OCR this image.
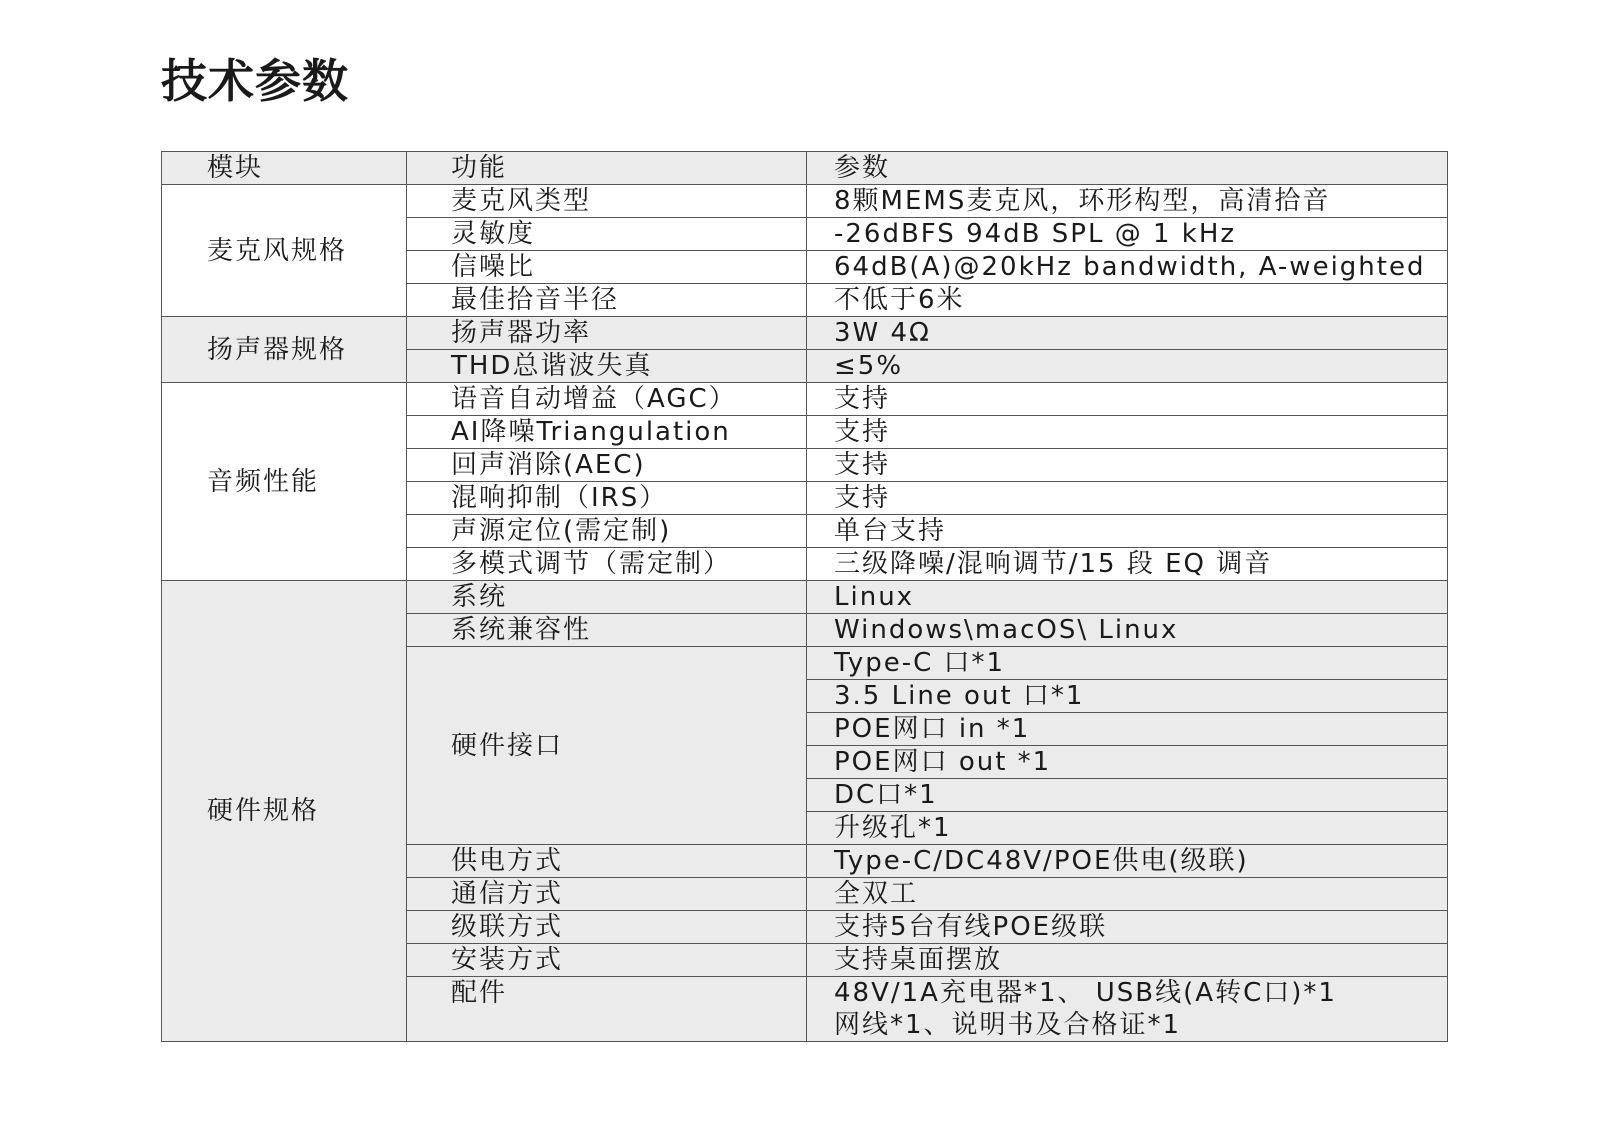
技术参数
模块	功能	参数
麦克风规格	麦克风类型	8颗MEMS麦克风，环形构型，高清拾音
	灵敏度	-26dBFS 94dB SPL @ 1 kHz
	信噪比	64dB(A)@20kHz bandwidth, A-weighted
	最佳拾音半径	不低于6米
扬声器规格	扬声器功率	3W 4Ω
	THD总谐波失真	≤5%
音频性能	语音自动增益（AGC）	支持
	AI降噪Triangulation	支持
	回声消除(AEC)	支持
	混响抑制（IRS）	支持
	声源定位(需定制)	单台支持
	多模式调节（需定制）	三级降噪/混响调节/15 段 EQ 调音
硬件规格	系统	Linux
	系统兼容性	Windows\macOS\ Linux
	硬件接口	Type-C 口*1
		3.5 Line out 口*1
		POE网口 in *1
		POE网口 out *1
		DC口*1
		升级孔*1
	供电方式	Type-C/DC48V/POE供电(级联)
	通信方式	全双工
	级联方式	支持5台有线POE级联
	安装方式	支持桌面摆放
	配件	48V/1A充电器*1、 USB线(A转C口)*1
网线*1、说明书及合格证*1
